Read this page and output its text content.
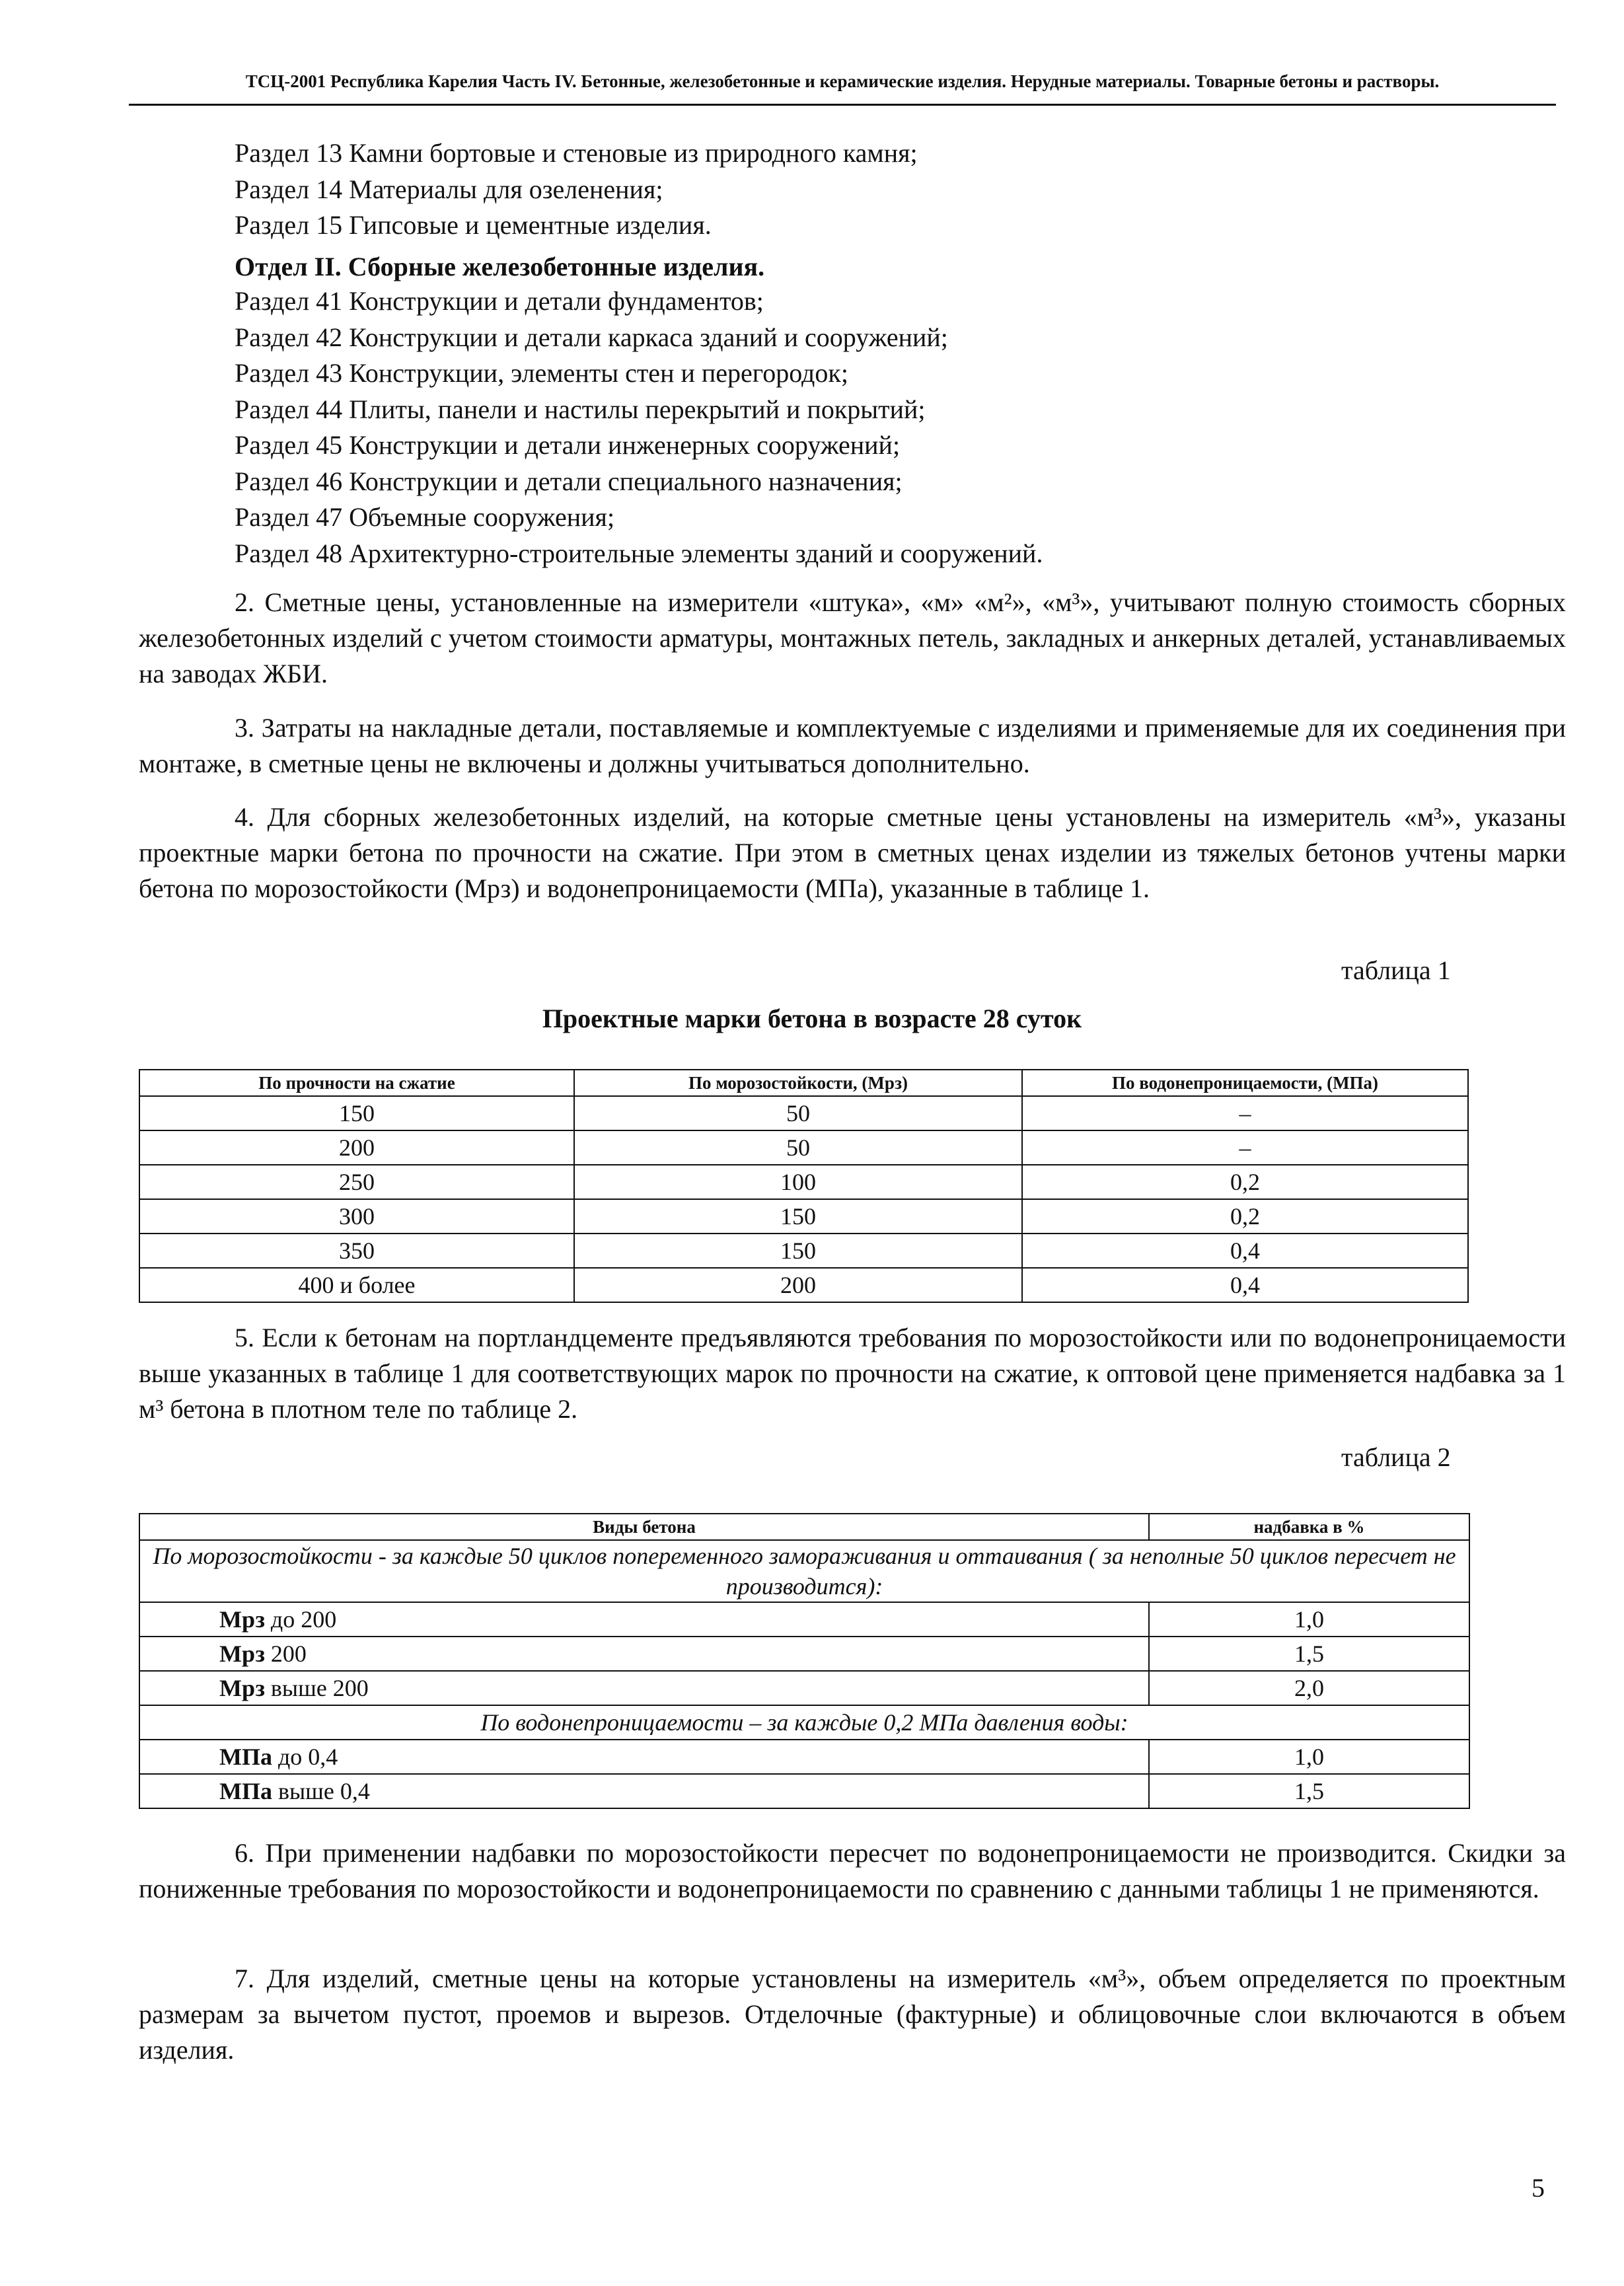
ТСЦ-2001 Республика Карелия Часть IV. Бетонные, железобетонные и керамические изделия. Нерудные материалы. Товарные бетоны и растворы.
Раздел 13 Камни бортовые и стеновые из природного камня;
Раздел 14 Материалы для озеленения;
Раздел 15 Гипсовые и цементные изделия.
Отдел II. Сборные железобетонные изделия.
Раздел 41 Конструкции и детали фундаментов;
Раздел 42 Конструкции и детали каркаса зданий и сооружений;
Раздел 43 Конструкции, элементы стен и перегородок;
Раздел 44 Плиты, панели и настилы перекрытий и покрытий;
Раздел 45 Конструкции и детали инженерных сооружений;
Раздел 46 Конструкции и детали специального назначения;
Раздел 47 Объемные сооружения;
Раздел 48 Архитектурно-строительные элементы зданий и сооружений.
2. Сметные цены, установленные на измерители «штука», «м» «м²», «м³», учитывают полную стоимость сборных железобетонных изделий с учетом стоимости арматуры, монтажных петель, закладных и анкерных деталей, устанавливаемых на заводах ЖБИ.
3. Затраты на накладные детали, поставляемые и комплектуемые с изделиями и применяемые для их соединения при монтаже, в сметные цены не включены и должны учитываться дополнительно.
4. Для сборных железобетонных изделий, на которые сметные цены установлены на измеритель «м³», указаны проектные марки бетона по прочности на сжатие. При этом в сметных ценах изделии из тяжелых бетонов учтены марки бетона по морозостойкости (Мрз) и водонепроницаемости (МПа), указанные в таблице 1.
таблица 1
Проектные марки бетона в возрасте 28 суток
По прочности на сжатие	По морозостойкости, (Мрз)	По водонепроницаемости, (МПа)
150	50	–
200	50	–
250	100	0,2
300	150	0,2
350	150	0,4
400 и более	200	0,4
5. Если к бетонам на портландцементе предъявляются требования по морозостойкости или по водонепроницаемости выше указанных в таблице 1 для соответствующих марок по прочности на сжатие, к оптовой цене применяется надбавка за 1 м³ бетона в плотном теле по таблице 2.
таблица 2
Виды бетона	надбавка в %
По морозостойкости - за каждые 50 циклов попеременного замораживания и оттаивания ( за неполные 50 циклов пересчет не производится):	
Мрз до 200	1,0
Мрз 200	1,5
Мрз выше 200	2,0
По водонепроницаемости – за каждые 0,2 МПа давления воды:	
МПа до 0,4	1,0
МПа выше 0,4	1,5
6. При применении надбавки по морозостойкости пересчет по водонепроницаемости не производится. Скидки за пониженные требования по морозостойкости и водонепроницаемости по сравнению с данными таблицы 1 не применяются.
7. Для изделий, сметные цены на которые установлены на измеритель «м³», объем определяется по проектным размерам за вычетом пустот, проемов и вырезов. Отделочные (фактурные) и облицовочные слои включаются в объем изделия.
5
